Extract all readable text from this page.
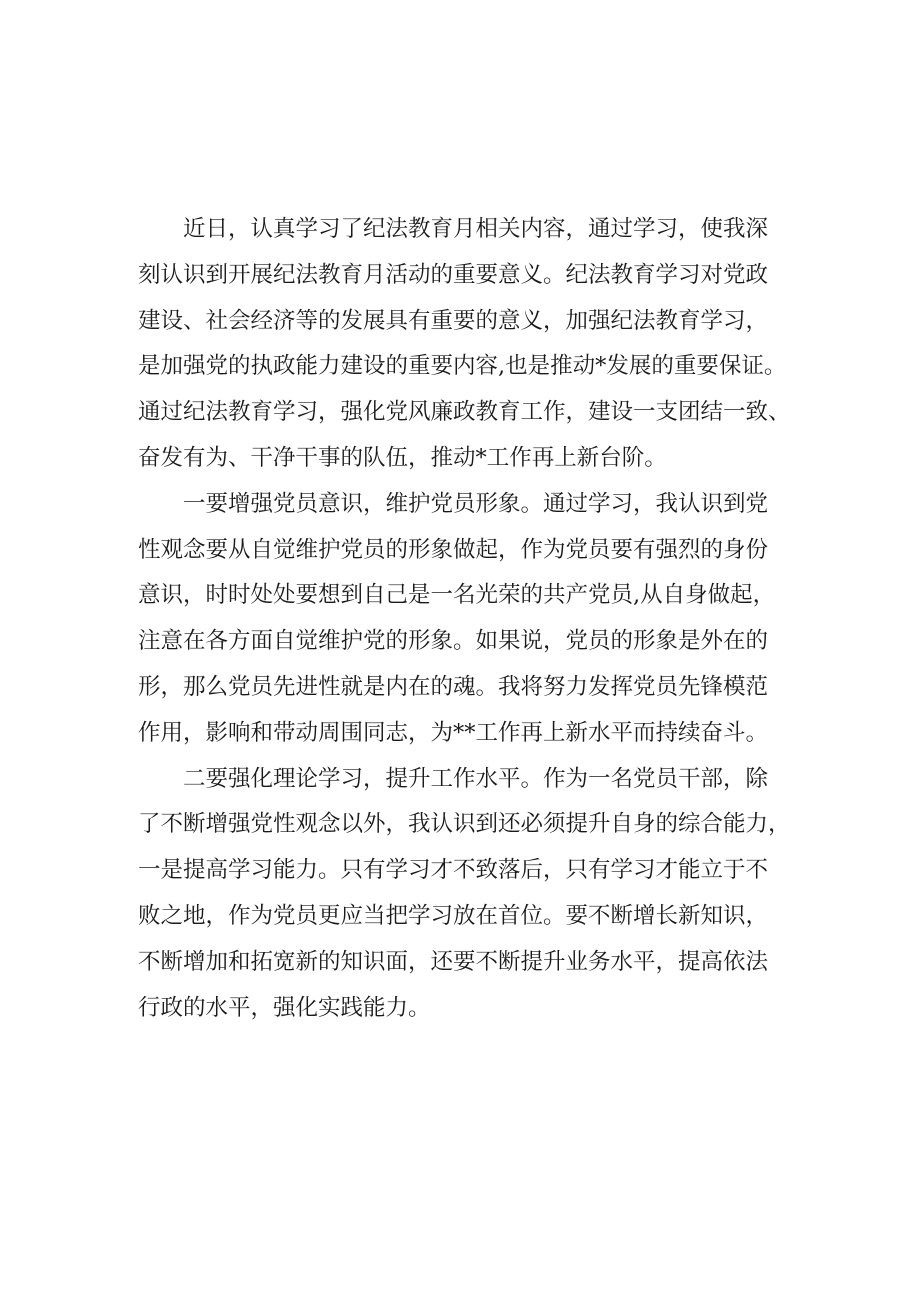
近日，认真学习了纪法教育月相关内容，通过学习，使我深
刻认识到开展纪法教育月活动的重要意义。纪法教育学习对党政
建设、社会经济等的发展具有重要的意义，加强纪法教育学习，
是加强党的执政能力建设的重要内容,也是推动*发展的重要保证。
通过纪法教育学习，强化党风廉政教育工作，建设一支团结一致、
奋发有为、干净干事的队伍，推动*工作再上新台阶。
一要增强党员意识，维护党员形象。通过学习，我认识到党
性观念要从自觉维护党员的形象做起，作为党员要有强烈的身份
意识，时时处处要想到自己是一名光荣的共产党员,从自身做起，
注意在各方面自觉维护党的形象。如果说，党员的形象是外在的
形，那么党员先进性就是内在的魂。我将努力发挥党员先锋模范
作用，影响和带动周围同志，为**工作再上新水平而持续奋斗。
二要强化理论学习，提升工作水平。作为一名党员干部，除
了不断增强党性观念以外，我认识到还必须提升自身的综合能力，
一是提高学习能力。只有学习才不致落后，只有学习才能立于不
败之地，作为党员更应当把学习放在首位。要不断增长新知识，
不断增加和拓宽新的知识面，还要不断提升业务水平，提高依法
行政的水平，强化实践能力。
